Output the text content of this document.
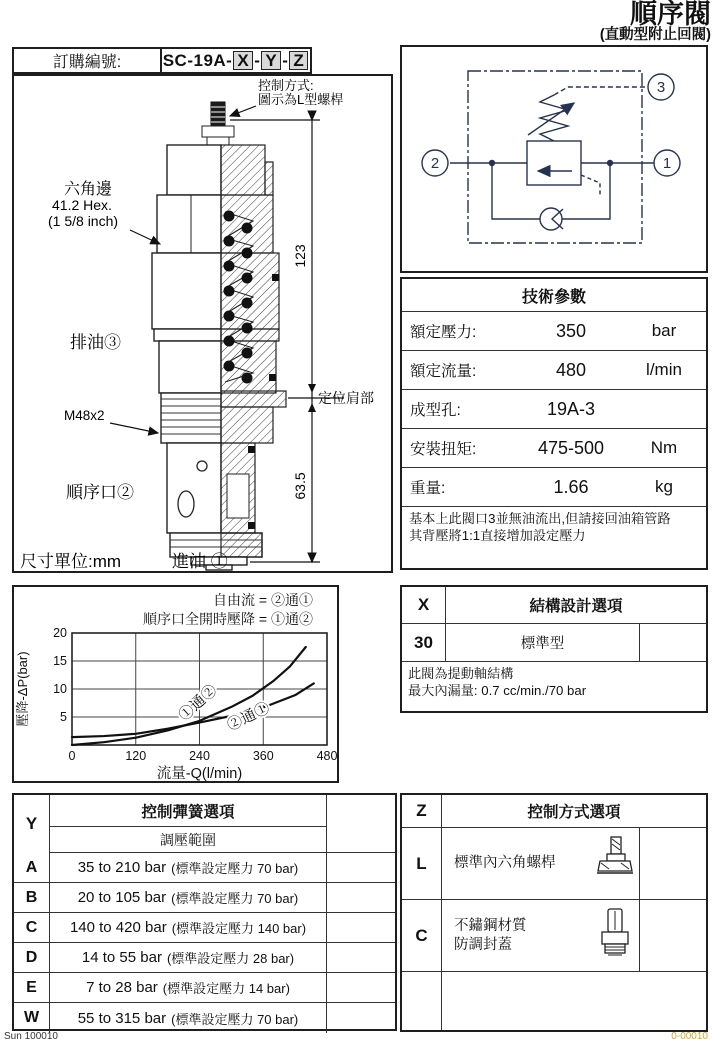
順序閥
(直動型附止回閥)
訂購編號:	SC-19A- X - Y - Z
123
63.5
定位肩部
控制方式:
圖示為L型螺桿
六角邊
41.2 Hex.
(1 5/8 inch)
排油③
M48x2
順序口②
尺寸單位:mm	進油 ①
2	1
3
技術參數
額定壓力:	350	bar
額定流量:	480	l/min
成型孔:	19A-3
安裝扭矩:	475-500	Nm
重量:	1.66	kg
基本上此閥口3並無油流出,但請接回油箱管路
其背壓將1:1直接增加設定壓力
自由流 = ②通①
順序口全開時壓降 = ①通②
0	120	240	360	480
5
10
15
20
①通② ②通①
流量-Q(l/min)
壓降-ΔP(bar)
X	結構設計選項
30	標準型
此閥為提動軸結構
最大內漏量: 0.7 cc/min./70 bar
Y
控制彈簧選項
調壓範圍
A	35 to 210 bar (標準設定壓力 70 bar)
B	20 to 105 bar (標準設定壓力 70 bar)
C	140 to 420 bar (標準設定壓力 140 bar)
D	14 to 55 bar (標準設定壓力 28 bar)
E	7 to 28 bar (標準設定壓力 14 bar)
W	55 to 315 bar (標準設定壓力 70 bar)
Z	控制方式選項
L	標準內六角螺桿
C	不鏽鋼材質
防調封蓋
Sun 100010	0-00010
